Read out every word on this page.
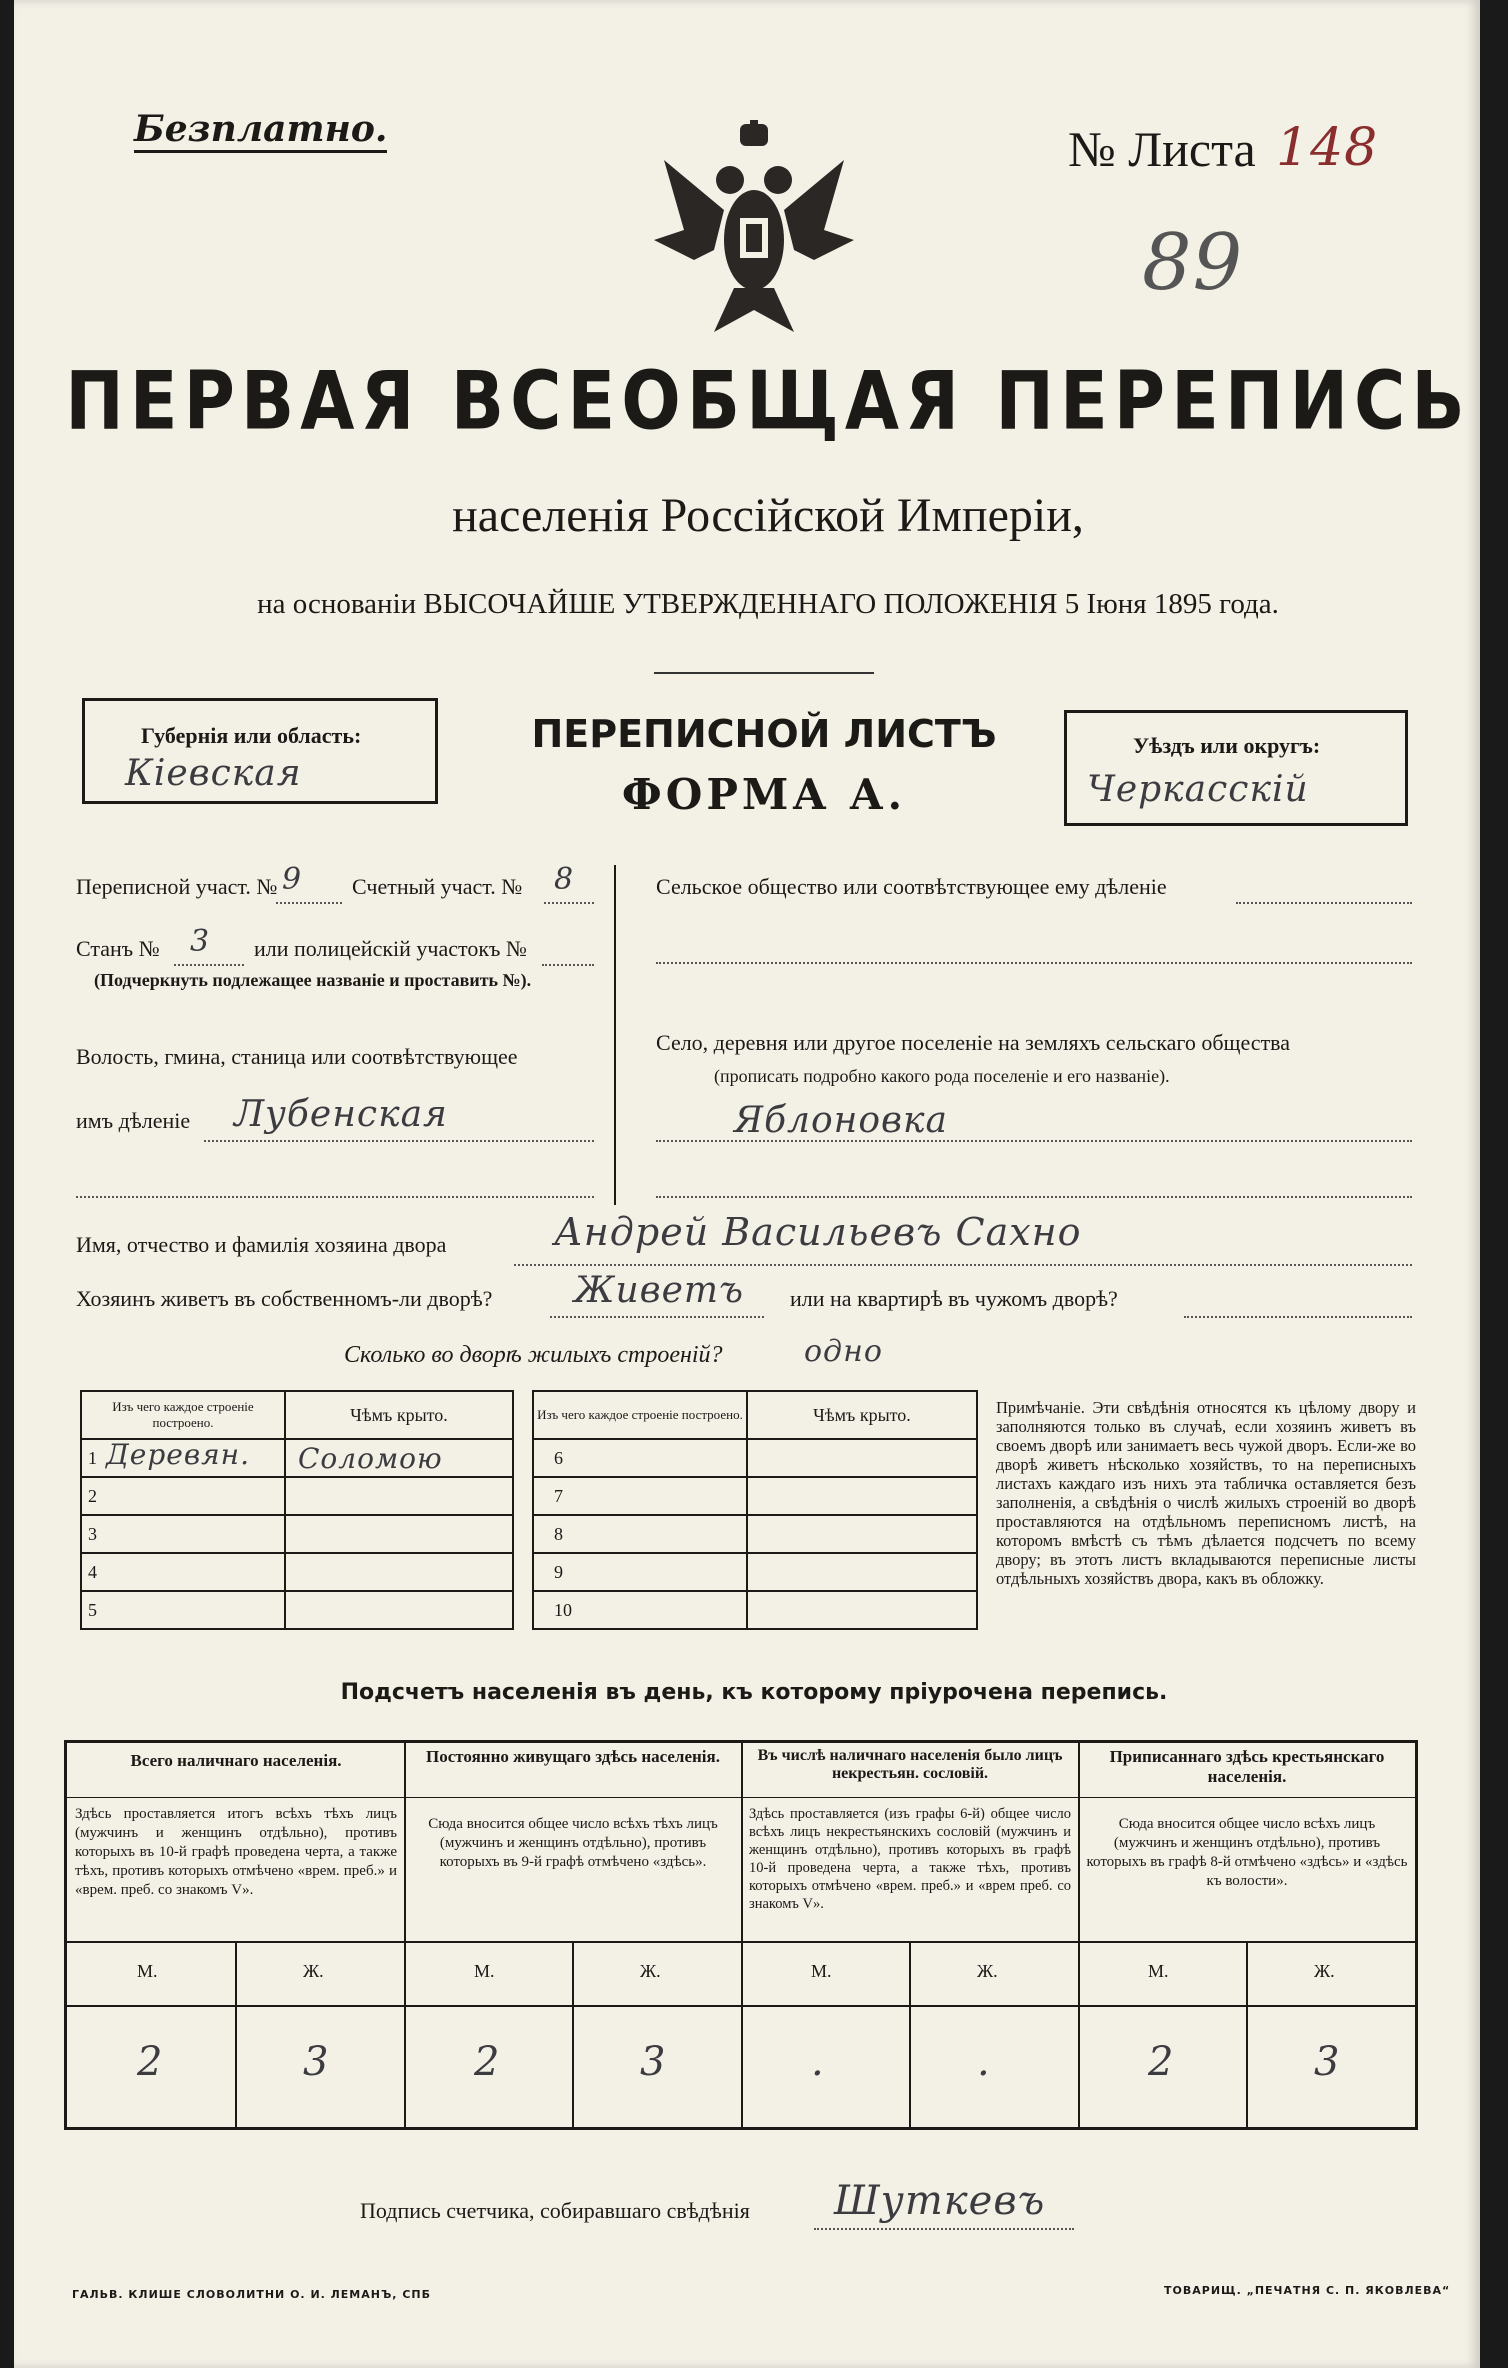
Безплатно.	№ Листа 148
89
ПЕРВАЯ ВСЕОБЩАЯ ПЕРЕПИСЬ
населенія Россійской Имперіи,
на основаніи ВЫСОЧАЙШЕ УТВЕРЖДЕННАГО ПОЛОЖЕНІЯ 5 Іюня 1895 года.
Губернія или область:
Кіевская
ПЕРЕПИСНОЙ ЛИСТЪ
ФОРМА А.
Уѣздъ или округъ:
Черкасскій
Переписной участ. № 9 Счетный участ. № 8
Станъ № 3 или полицейскій участокъ №
(Подчеркнуть подлежащее названіе и проставить №).
Волость, гмина, станица или соотвѣтствующее
имъ дѣленіе Лубенская
Сельское общество или соотвѣтствующее ему дѣленіе
Село, деревня или другое поселеніе на земляхъ сельскаго общества
(прописать подробно какого рода поселеніе и его названіе).
Яблоновка
Имя, отчество и фамилія хозяина двора	Андрей Васильевъ Сахно
Хозяинъ живетъ въ собственномъ-ли дворѣ? Живетъ или на квартирѣ въ чужомъ дворѣ?
Сколько во дворѣ жилыхъ строеній?	одно
Изъ чего каждое строеніе построено.	Чѣмъ крыто.

1 Деревян.	Соломою
2	
3	
4	
5	
Изъ чего каждое строеніе построено.	Чѣмъ крыто.
6	
7	
8	
9	
10	
Примѣчаніе. Эти свѣдѣнія относятся къ цѣлому двору и заполняются только въ случаѣ, если хозяинъ живетъ въ своемъ дворѣ или занимаетъ весь чужой дворъ. Если-же во дворѣ живетъ нѣсколько хозяйствъ, то на переписныхъ листахъ каждаго изъ нихъ эта табличка оставляется безъ заполненія, а свѣдѣнія о числѣ жилыхъ строеній во дворѣ проставляются на отдѣльномъ переписномъ листѣ, на которомъ вмѣстѣ съ тѣмъ дѣлается подсчетъ по всему двору; въ этотъ листъ вкладываются переписные листы отдѣльныхъ хозяйствъ двора, какъ въ обложку.
Подсчетъ населенія въ день, къ которому пріурочена перепись.
Всего наличнаго населенія.
Здѣсь проставляется итогъ всѣхъ тѣхъ лицъ (мужчинъ и женщинъ отдѣльно), противъ которыхъ въ 10-й графѣ проведена черта, а также тѣхъ, противъ которыхъ отмѣчено «врем. преб.» и «врем. преб. со знакомъ V».
М.	Ж.
2	3
Постоянно живущаго здѣсь населенія.
Сюда вносится общее число всѣхъ тѣхъ лицъ (мужчинъ и женщинъ отдѣльно), противъ которыхъ въ 9-й графѣ отмѣчено «здѣсь».
М.	Ж.
2	3
Въ числѣ наличнаго населенія было лицъ некрестьян. сословій.
Здѣсь проставляется (изъ графы 6-й) общее число всѣхъ лицъ некрестьянскихъ сословій (мужчинъ и женщинъ отдѣльно), противъ которыхъ въ графѣ 10-й проведена черта, а также тѣхъ, противъ которыхъ отмѣчено «врем. преб.» и «врем преб. со знакомъ V».
М.	Ж.
.	.
Приписаннаго здѣсь крестьянскаго населенія.
Сюда вносится общее число всѣхъ лицъ (мужчинъ и женщинъ отдѣльно), противъ которыхъ въ графѣ 8-й отмѣчено «здѣсь» и «здѣсь къ волости».
М.	Ж.
2	3
Подпись счетчика, собиравшаго свѣдѣнія Шуткевъ
ГАЛЬВ. КЛИШЕ СЛОВОЛИТНИ О. И. ЛЕМАНЪ, СПБ	ТОВАРИЩ. „ПЕЧАТНЯ С. П. ЯКОВЛЕВА“
